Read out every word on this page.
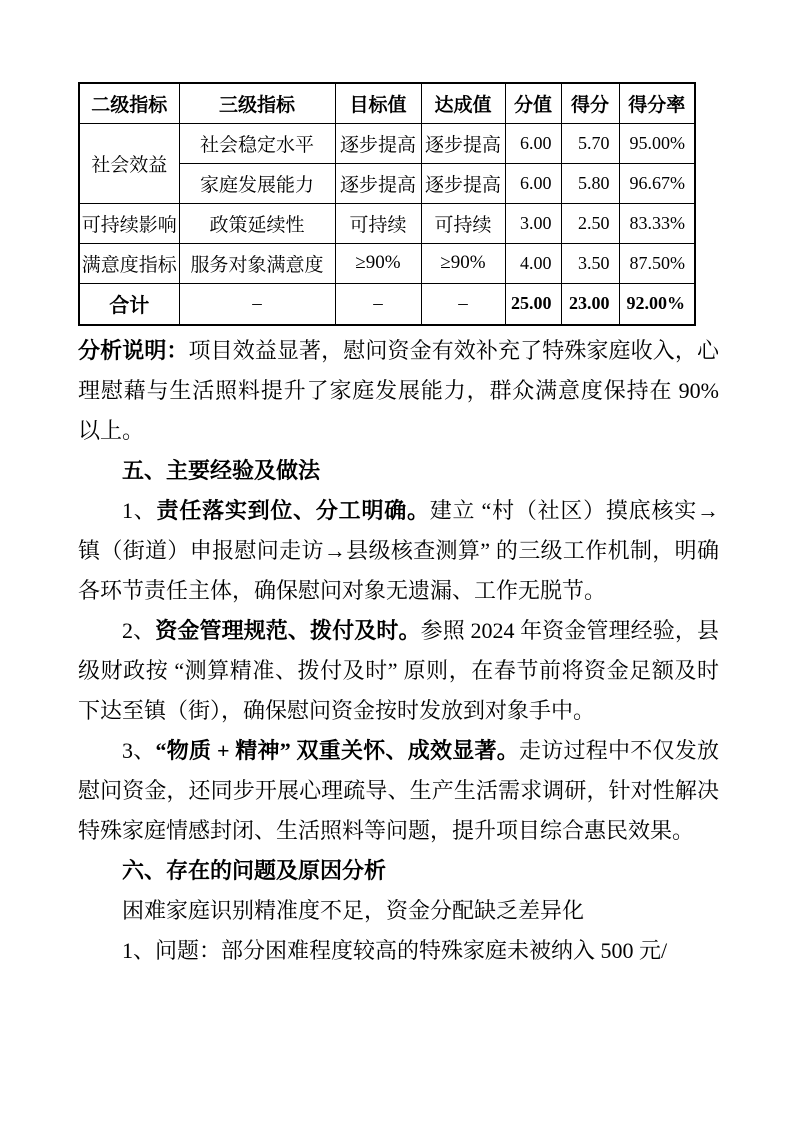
二级指标	三级指标	目标值	达成值	分值	得分	得分率
社会效益	社会稳定水平	逐步提高	逐步提高	6.00	5.70	95.00%
	家庭发展能力	逐步提高	逐步提高	6.00	5.80	96.67%
可持续影响	政策延续性	可持续	可持续	3.00	2.50	83.33%
满意度指标	服务对象满意度	≥90%	≥90%	4.00	3.50	87.50%
合计	–	–	–	25.00	23.00	92.00%

分析说明：项目效益显著，慰问资金有效补充了特殊家庭收入，心理慰藉与生活照料提升了家庭发展能力，群众满意度保持在 90% 以上。

五、主要经验及做法

1、责任落实到位、分工明确。建立 “村（社区）摸底核实→镇（街道）申报慰问走访→县级核查测算” 的三级工作机制，明确各环节责任主体，确保慰问对象无遗漏、工作无脱节。

2、资金管理规范、拨付及时。参照 2024 年资金管理经验，县级财政按 “测算精准、拨付及时” 原则，在春节前将资金足额及时下达至镇（街），确保慰问资金按时发放到对象手中。

3、“物质 + 精神” 双重关怀、成效显著。走访过程中不仅发放慰问资金，还同步开展心理疏导、生产生活需求调研，针对性解决特殊家庭情感封闭、生活照料等问题，提升项目综合惠民效果。

六、存在的问题及原因分析

困难家庭识别精准度不足，资金分配缺乏差异化

1、问题：部分困难程度较高的特殊家庭未被纳入 500 元/
